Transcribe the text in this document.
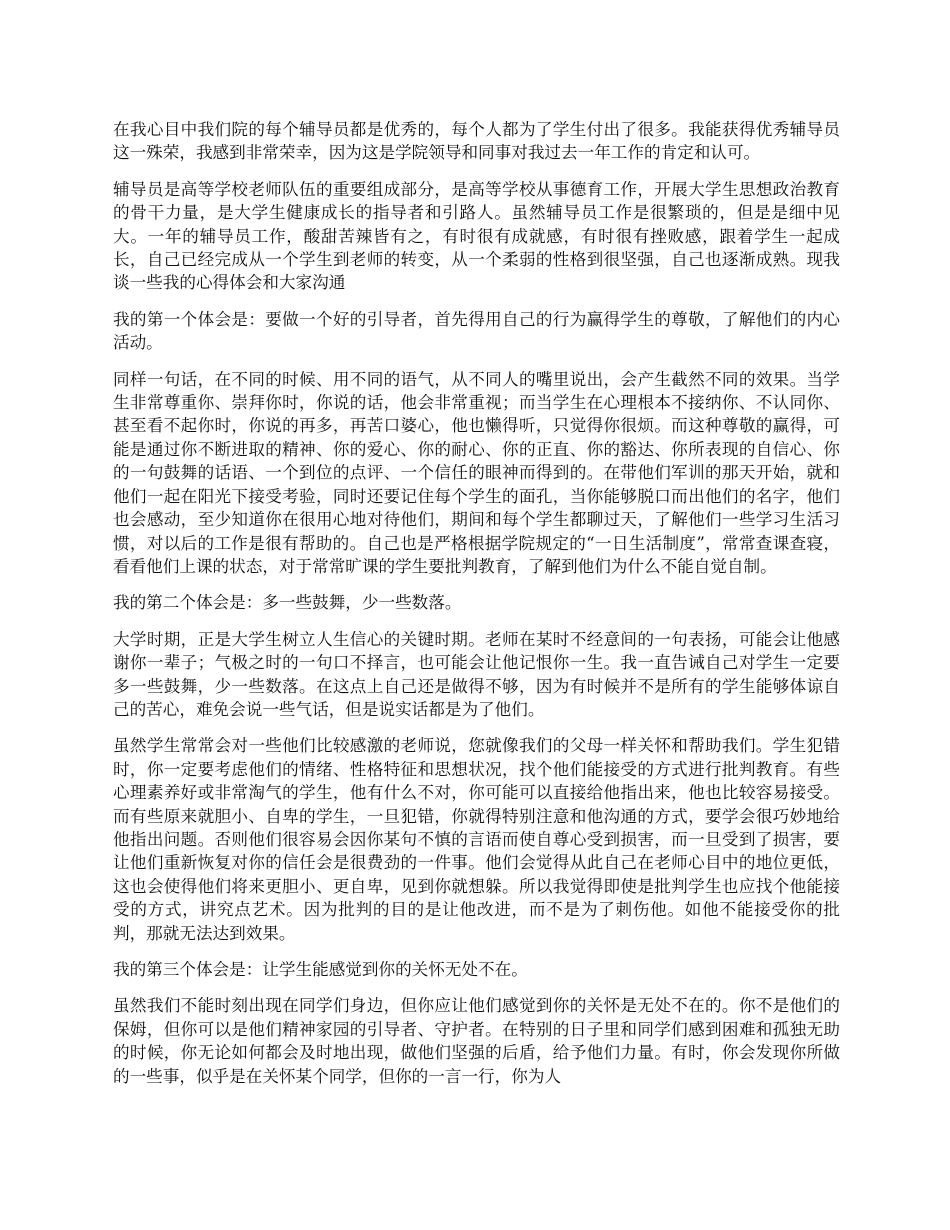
在我心目中我们院的每个辅导员都是优秀的，每个人都为了学生付出了很多。我能获得优秀辅导员这一殊荣，我感到非常荣幸，因为这是学院领导和同事对我过去一年工作的肯定和认可。

辅导员是高等学校老师队伍的重要组成部分，是高等学校从事德育工作，开展大学生思想政治教育的骨干力量，是大学生健康成长的指导者和引路人。虽然辅导员工作是很繁琐的，但是是细中见大。一年的辅导员工作，酸甜苦辣皆有之，有时很有成就感，有时很有挫败感，跟着学生一起成长，自己已经完成从一个学生到老师的转变，从一个柔弱的性格到很坚强，自己也逐渐成熟。现我谈一些我的心得体会和大家沟通

我的第一个体会是：要做一个好的引导者，首先得用自己的行为赢得学生的尊敬，了解他们的内心活动。

同样一句话，在不同的时候、用不同的语气，从不同人的嘴里说出，会产生截然不同的效果。当学生非常尊重你、崇拜你时，你说的话，他会非常重视；而当学生在心理根本不接纳你、不认同你、甚至看不起你时，你说的再多，再苦口婆心，他也懒得听，只觉得你很烦。而这种尊敬的赢得，可能是通过你不断进取的精神、你的爱心、你的耐心、你的正直、你的豁达、你所表现的自信心、你的一句鼓舞的话语、一个到位的点评、一个信任的眼神而得到的。在带他们军训的那天开始，就和他们一起在阳光下接受考验，同时还要记住每个学生的面孔，当你能够脱口而出他们的名字，他们也会感动，至少知道你在很用心地对待他们，期间和每个学生都聊过天，了解他们一些学习生活习惯，对以后的工作是很有帮助的。自己也是严格根据学院规定的“一日生活制度”，常常查课查寝，看看他们上课的状态，对于常常旷课的学生要批判教育，了解到他们为什么不能自觉自制。

我的第二个体会是：多一些鼓舞，少一些数落。

大学时期，正是大学生树立人生信心的关键时期。老师在某时不经意间的一句表扬，可能会让他感谢你一辈子；气极之时的一句口不择言，也可能会让他记恨你一生。我一直告诫自己对学生一定要多一些鼓舞，少一些数落。在这点上自己还是做得不够，因为有时候并不是所有的学生能够体谅自己的苦心，难免会说一些气话，但是说实话都是为了他们。

虽然学生常常会对一些他们比较感激的老师说，您就像我们的父母一样关怀和帮助我们。学生犯错时，你一定要考虑他们的情绪、性格特征和思想状况，找个他们能接受的方式进行批判教育。有些心理素养好或非常淘气的学生，他有什么不对，你可能可以直接给他指出来，他也比较容易接受。而有些原来就胆小、自卑的学生，一旦犯错，你就得特别注意和他沟通的方式，要学会很巧妙地给他指出问题。否则他们很容易会因你某句不慎的言语而使自尊心受到损害，而一旦受到了损害，要让他们重新恢复对你的信任会是很费劲的一件事。他们会觉得从此自己在老师心目中的地位更低，这也会使得他们将来更胆小、更自卑，见到你就想躲。所以我觉得即使是批判学生也应找个他能接受的方式，讲究点艺术。因为批判的目的是让他改进，而不是为了刺伤他。如他不能接受你的批判，那就无法达到效果。

我的第三个体会是：让学生能感觉到你的关怀无处不在。

虽然我们不能时刻出现在同学们身边，但你应让他们感觉到你的关怀是无处不在的。你不是他们的保姆，但你可以是他们精神家园的引导者、守护者。在特别的日子里和同学们感到困难和孤独无助的时候，你无论如何都会及时地出现，做他们坚强的后盾，给予他们力量。有时，你会发现你所做的一些事，似乎是在关怀某个同学，但你的一言一行，你为人
